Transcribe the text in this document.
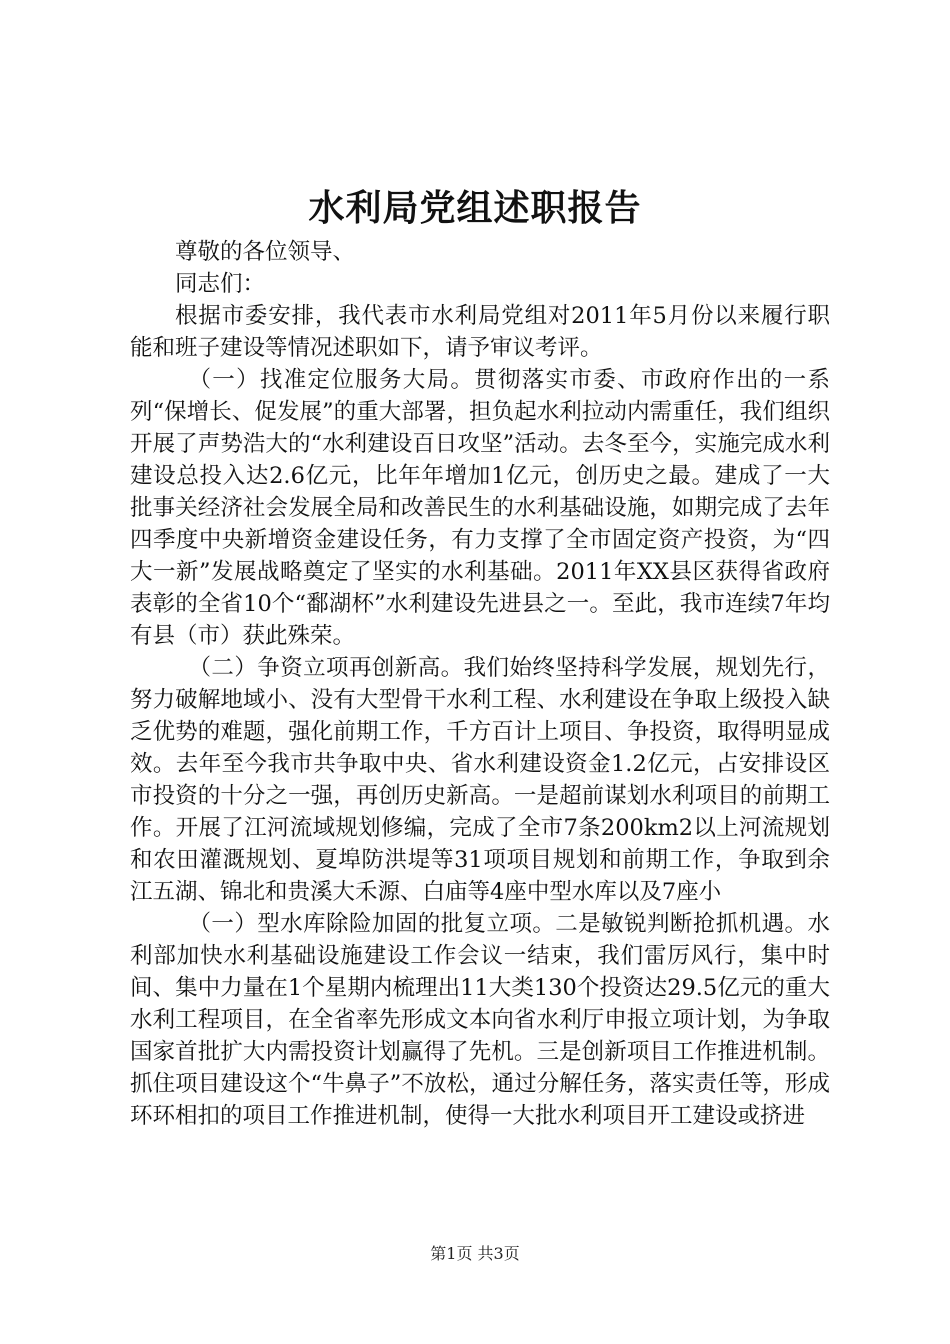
水利局党组述职报告

尊敬的各位领导、

同志们：

根据市委安排，我代表市水利局党组对2011年5月份以来履行职能和班子建设等情况述职如下，请予审议考评。

（一）找准定位服务大局。贯彻落实市委、市政府作出的一系列“保增长、促发展”的重大部署，担负起水利拉动内需重任，我们组织开展了声势浩大的“水利建设百日攻坚”活动。去冬至今，实施完成水利建设总投入达2.6亿元，比年年增加1亿元，创历史之最。建成了一大批事关经济社会发展全局和改善民生的水利基础设施，如期完成了去年四季度中央新增资金建设任务，有力支撑了全市固定资产投资，为“四大一新”发展战略奠定了坚实的水利基础。2011年XX县区获得省政府表彰的全省10个“鄱湖杯”水利建设先进县之一。至此，我市连续7年均有县（市）获此殊荣。

（二）争资立项再创新高。我们始终坚持科学发展，规划先行，努力破解地域小、没有大型骨干水利工程、水利建设在争取上级投入缺乏优势的难题，强化前期工作，千方百计上项目、争投资，取得明显成效。去年至今我市共争取中央、省水利建设资金1.2亿元，占安排设区市投资的十分之一强，再创历史新高。一是超前谋划水利项目的前期工作。开展了江河流域规划修编，完成了全市7条200km2以上河流规划和农田灌溉规划、夏埠防洪堤等31项项目规划和前期工作，争取到余江五湖、锦北和贵溪大禾源、白庙等4座中型水库以及7座小

（一）型水库除险加固的批复立项。二是敏锐判断抢抓机遇。水利部加快水利基础设施建设工作会议一结束，我们雷厉风行，集中时间、集中力量在1个星期内梳理出11大类130个投资达29.5亿元的重大水利工程项目，在全省率先形成文本向省水利厅申报立项计划，为争取国家首批扩大内需投资计划赢得了先机。三是创新项目工作推进机制。抓住项目建设这个“牛鼻子”不放松，通过分解任务，落实责任等，形成环环相扣的项目工作推进机制，使得一大批水利项目开工建设或挤进

第1页 共3页
